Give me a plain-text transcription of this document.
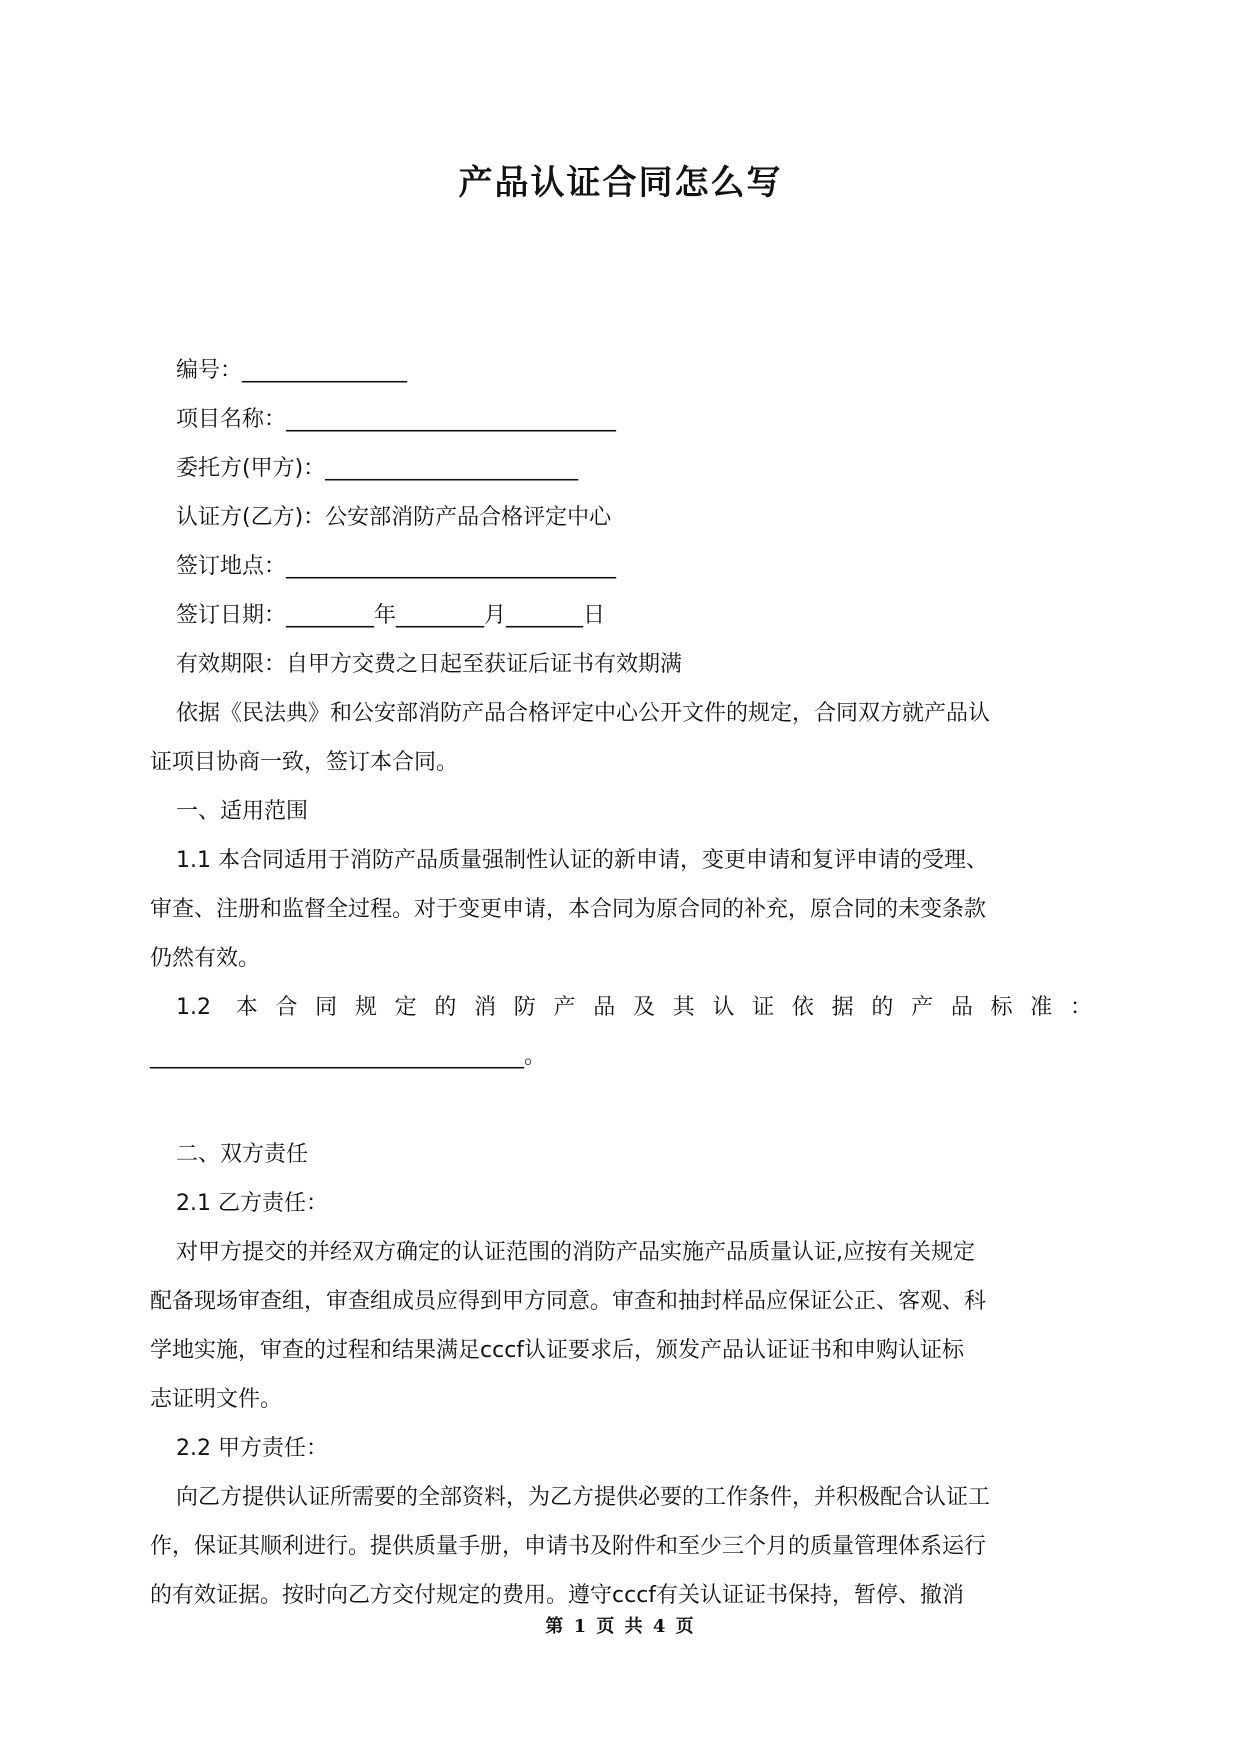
产品认证合同怎么写

编号：_______________

项目名称：______________________________

委托方(甲方)：_______________________

认证方(乙方)：公安部消防产品合格评定中心

签订地点：______________________________

签订日期：________年________月_______日

有效期限：自甲方交费之日起至获证后证书有效期满

依据《民法典》和公安部消防产品合格评定中心公开文件的规定，合同双方就产品认

证项目协商一致，签订本合同。

一、适用范围

1.1 本合同适用于消防产品质量强制性认证的新申请，变更申请和复评申请的受理、

审查、注册和监督全过程。对于变更申请，本合同为原合同的补充，原合同的未变条款

仍然有效。

1.2 本合同规定的消防产品及其认证依据的产品标准：

__________________________________。

二、双方责任

2.1 乙方责任：

对甲方提交的并经双方确定的认证范围的消防产品实施产品质量认证,应按有关规定

配备现场审查组，审查组成员应得到甲方同意。审查和抽封样品应保证公正、客观、科

学地实施，审查的过程和结果满足cccf认证要求后，颁发产品认证证书和申购认证标

志证明文件。

2.2 甲方责任：

向乙方提供认证所需要的全部资料，为乙方提供必要的工作条件，并积极配合认证工

作，保证其顺利进行。提供质量手册，申请书及附件和至少三个月的质量管理体系运行

的有效证据。按时向乙方交付规定的费用。遵守cccf有关认证证书保持，暂停、撤消

第 1 页 共 4 页
